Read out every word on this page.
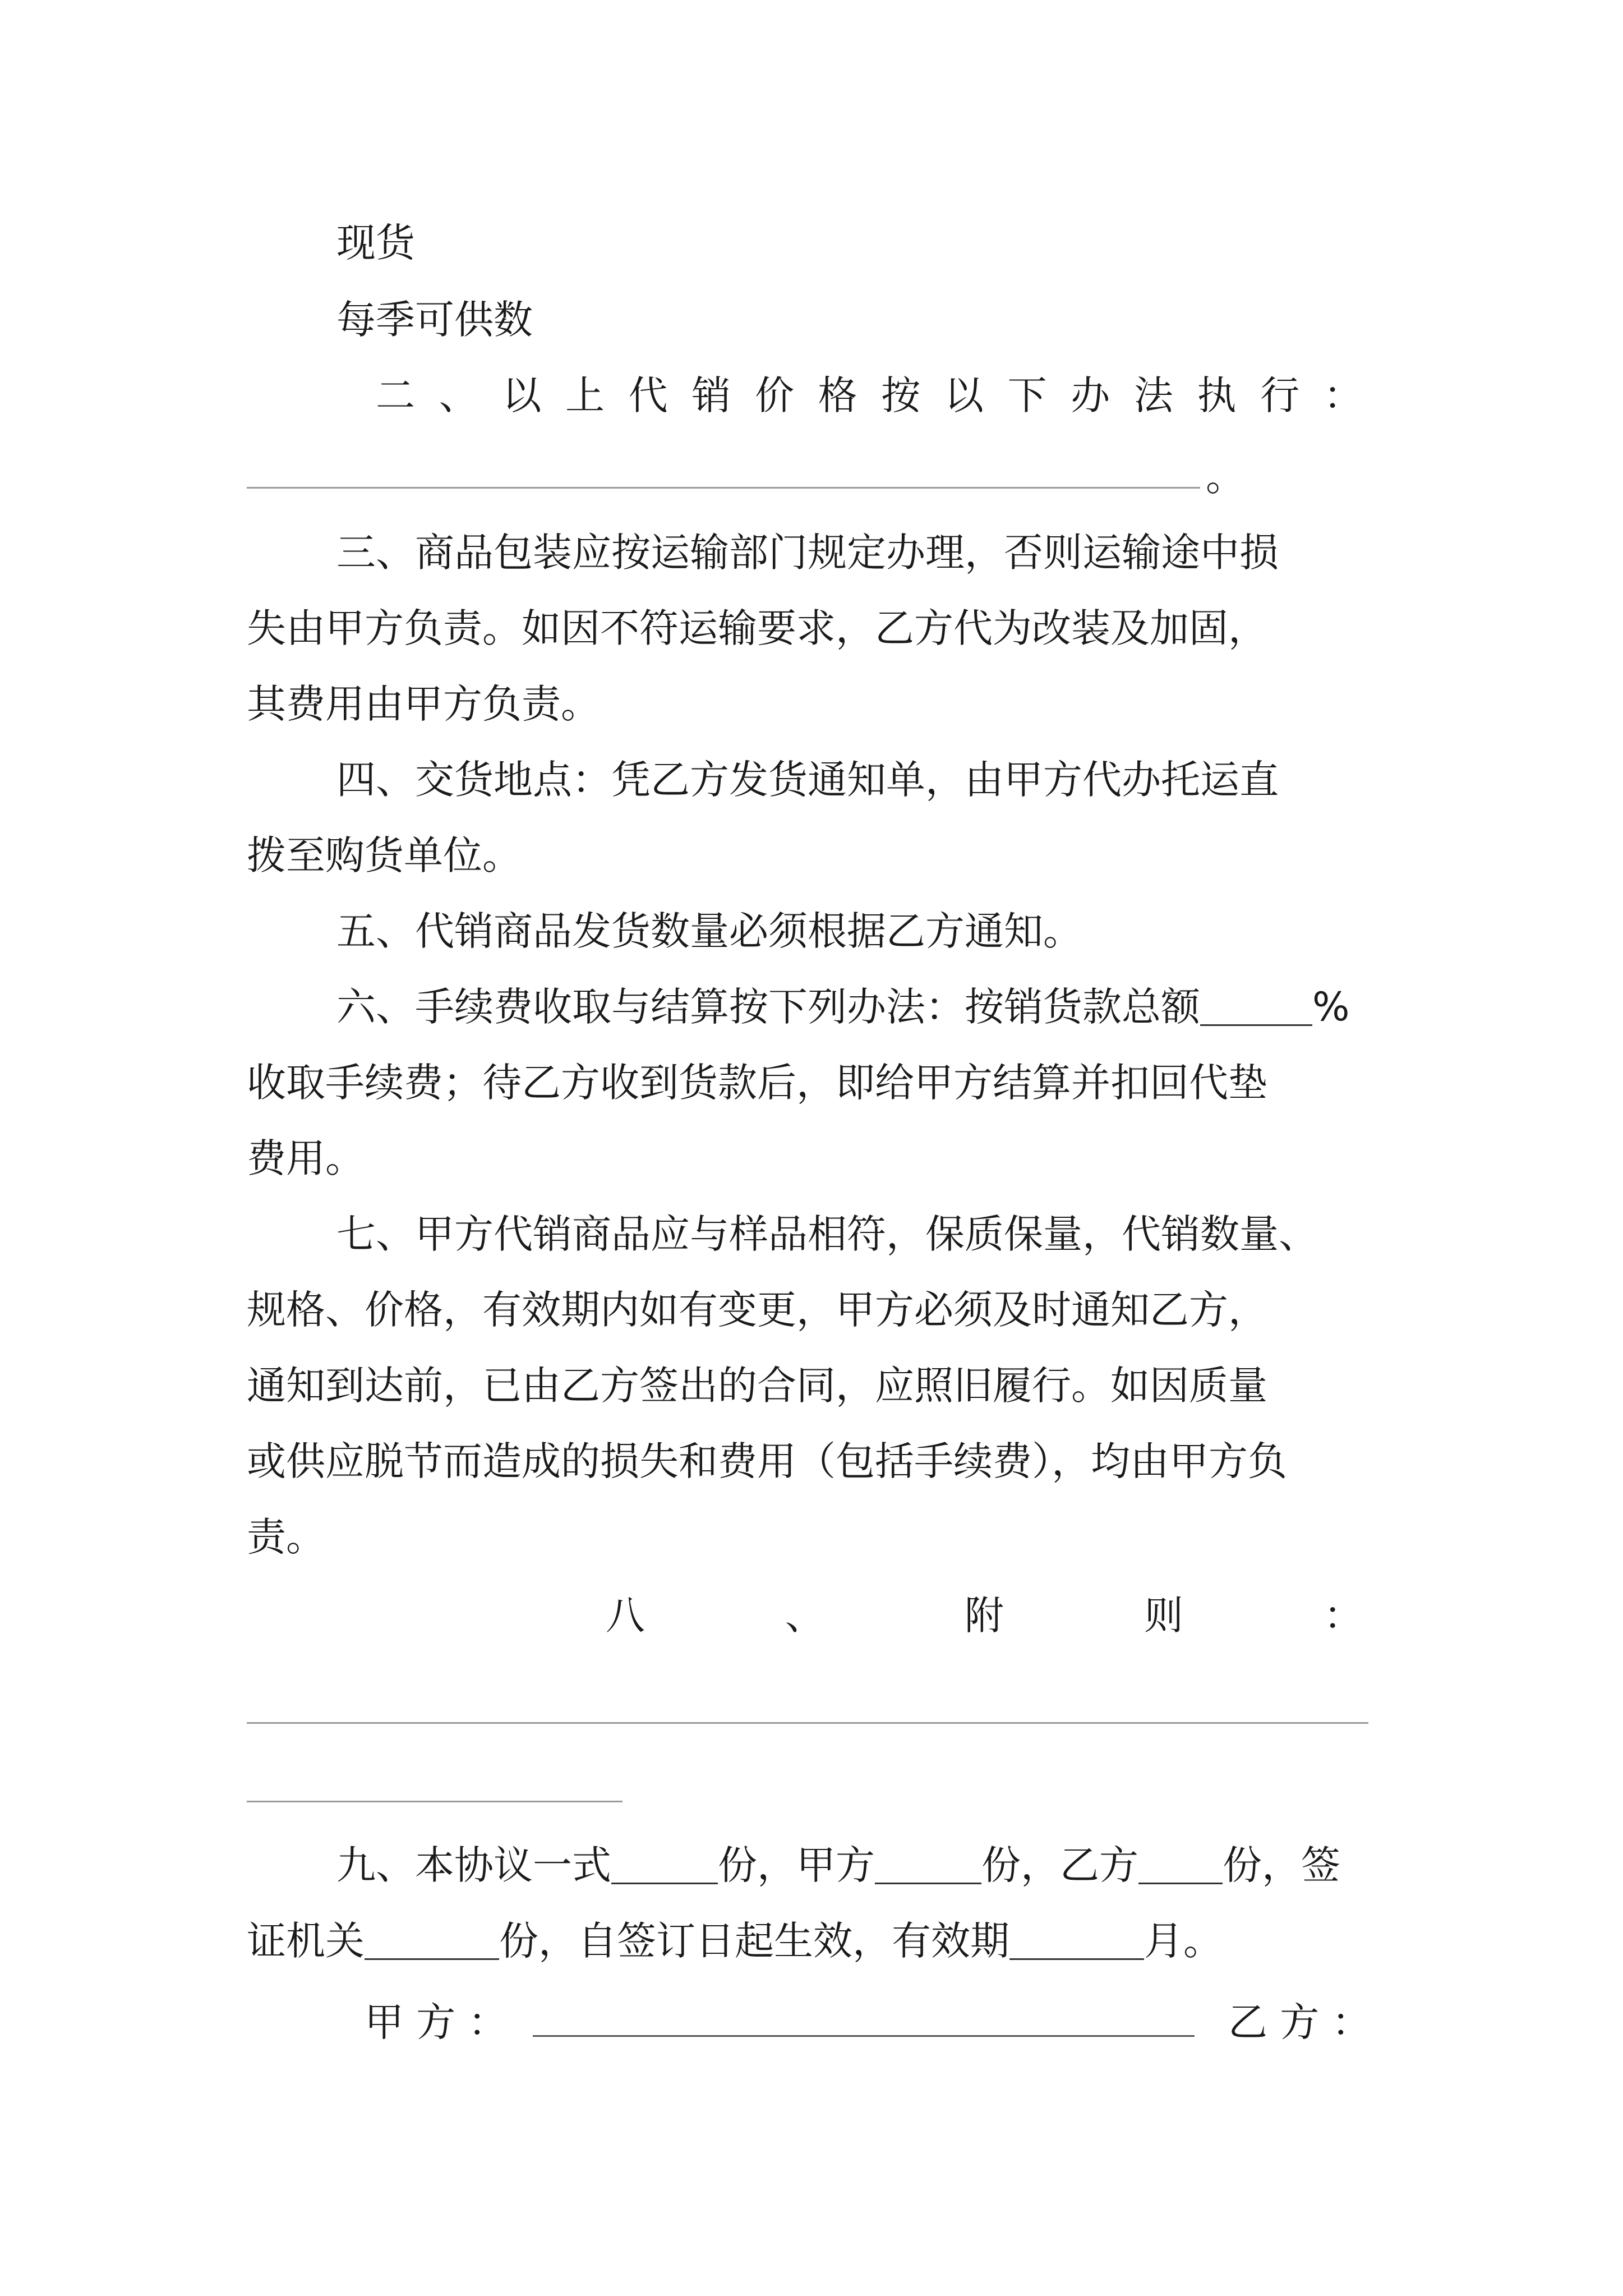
现货
每季可供数
二 、 以 上 代 销 价 格 按 以 下 办 法 执 行 ：
。
三、商品包装应按运输部门规定办理，否则运输途中损
失由甲方负责。如因不符运输要求，乙方代为改装及加固，
其费用由甲方负责。
四、交货地点：凭乙方发货通知单，由甲方代办托运直
拨至购货单位。
五、代销商品发货数量必须根据乙方通知。
六、手续费收取与结算按下列办法：按销货款总额	%
收取手续费；待乙方收到货款后，即给甲方结算并扣回代垫
费用。
七、甲方代销商品应与样品相符，保质保量，代销数量、
规格、价格，有效期内如有变更，甲方必须及时通知乙方，
通知到达前，已由乙方签出的合同，应照旧履行。如因质量
或供应脱节而造成的损失和费用（包括手续费），均由甲方负
责。
八	、	附	则	：
九、本协议一式	份，甲方	份，乙方 份，签
证机关	份，自签订日起生效，有效期	月。
甲 方 ：	乙 方 ：
